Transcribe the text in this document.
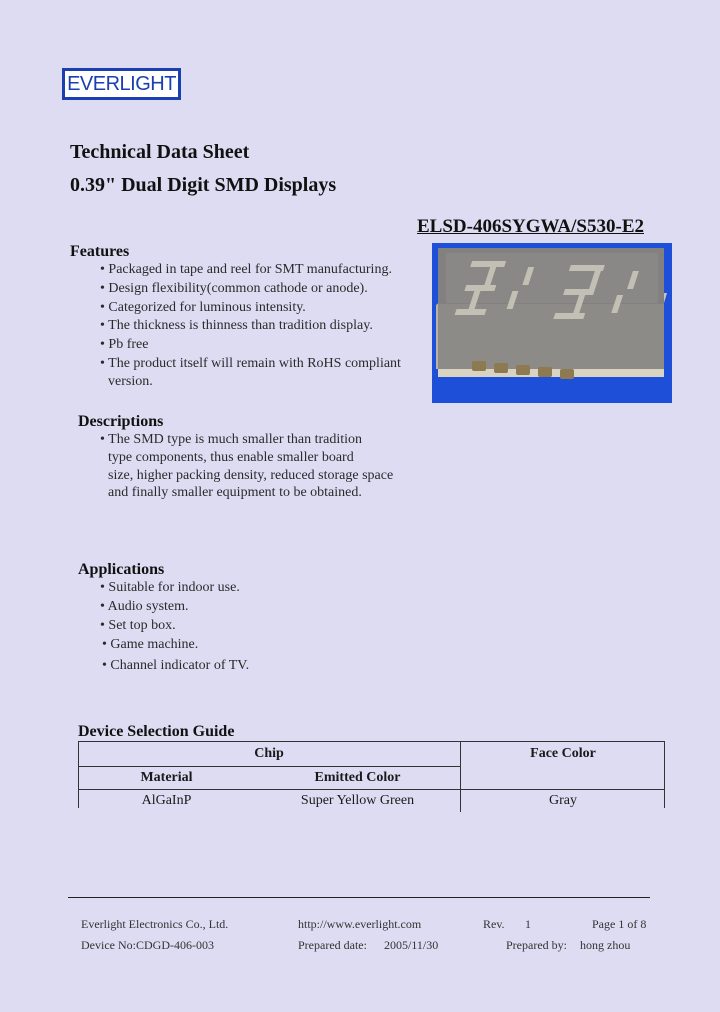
EVERLIGHT
Technical Data Sheet
0.39" Dual Digit SMD Displays
ELSD-406SYGWA/S530-E2
Features
• Packaged in tape and reel for SMT manufacturing.
• Design flexibility(common cathode or anode).
• Categorized for luminous intensity.
• The thickness is thinness than tradition display.
• Pb free
• The product itself will remain with RoHS compliant
version.
Descriptions
• The SMD type is much smaller than tradition
type components, thus enable smaller board
size, higher packing density, reduced storage space
and finally smaller equipment to be obtained.
Applications
• Suitable for indoor use.
• Audio system.
• Set top box.
• Game machine.
• Channel indicator of TV.
Device Selection Guide
Chip		Face Color
Material	Emitted Color	
AlGaInP	Super Yellow Green	Gray
Everlight Electronics Co., Ltd.	http://www.everlight.com	Rev. 1	Page 1 of 8
Device No:CDGD-406-003	Prepared date: 2005/11/30	Prepared by: hong zhou
